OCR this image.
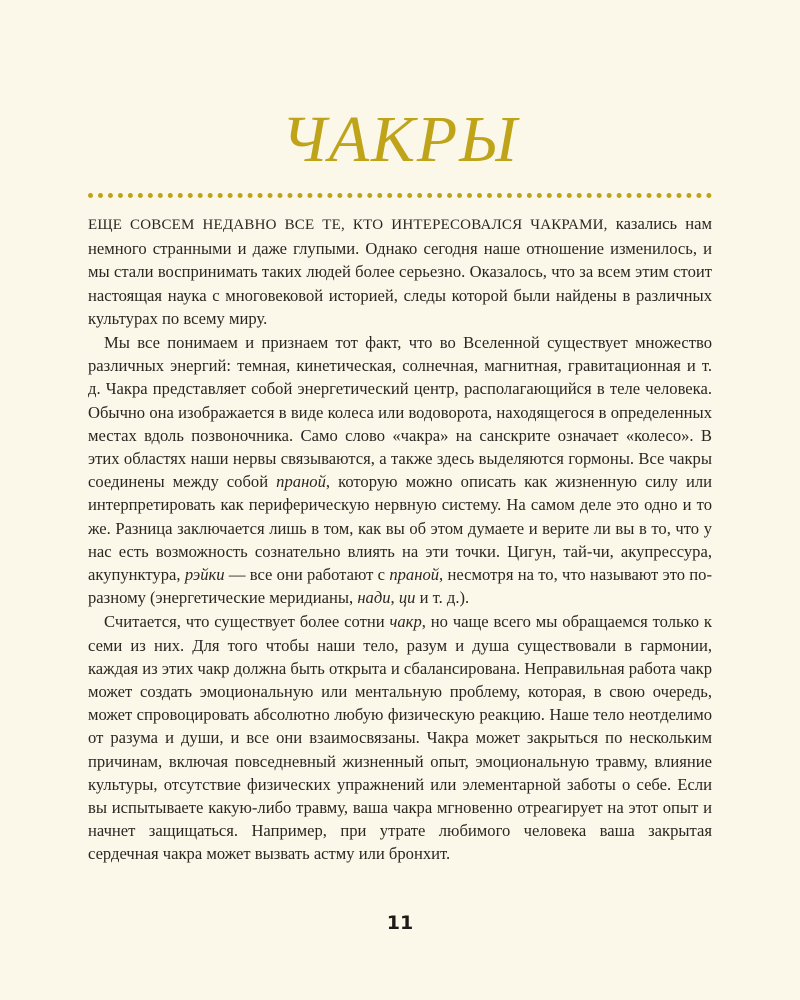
ЧАКРЫ

ЕЩЕ СОВСЕМ НЕДАВНО ВСЕ ТЕ, КТО ИНТЕРЕСОВАЛСЯ ЧАКРАМИ, казались нам немного странными и даже глупыми. Однако сегодня наше отношение изменилось, и мы стали воспринимать таких людей более серьезно. Оказалось, что за всем этим стоит настоящая наука с многовековой историей, следы которой были найдены в различных культурах по всему миру.

Мы все понимаем и признаем тот факт, что во Вселенной существует множество различных энергий: темная, кинетическая, солнечная, магнитная, гравитационная и т. д. Чакра представляет собой энергетический центр, располагающийся в теле человека. Обычно она изображается в виде колеса или водоворота, находящегося в определенных местах вдоль позвоночника. Само слово «чакра» на санскрите означает «колесо». В этих областях наши нервы связываются, а также здесь выделяются гормоны. Все чакры соединены между собой праной, которую можно описать как жизненную силу или интерпретировать как периферическую нервную систему. На самом деле это одно и то же. Разница заключается лишь в том, как вы об этом думаете и верите ли вы в то, что у нас есть возможность сознательно влиять на эти точки. Цигун, тай-чи, акупрессура, акупунктура, рэйки — все они работают с праной, несмотря на то, что называют это по-разному (энергетические меридианы, нади, ци и т. д.).

Считается, что существует более сотни чакр, но чаще всего мы обращаемся только к семи из них. Для того чтобы наши тело, разум и душа существовали в гармонии, каждая из этих чакр должна быть открыта и сбалансирована. Неправильная работа чакр может создать эмоциональную или ментальную проблему, которая, в свою очередь, может спровоцировать абсолютно любую физическую реакцию. Наше тело неотделимо от разума и души, и все они взаимосвязаны. Чакра может закрыться по нескольким причинам, включая повседневный жизненный опыт, эмоциональную травму, влияние культуры, отсутствие физических упражнений или элементарной заботы о себе. Если вы испытываете какую-либо травму, ваша чакра мгновенно отреагирует на этот опыт и начнет защищаться. Например, при утрате любимого человека ваша закрытая сердечная чакра может вызвать астму или бронхит.

11
